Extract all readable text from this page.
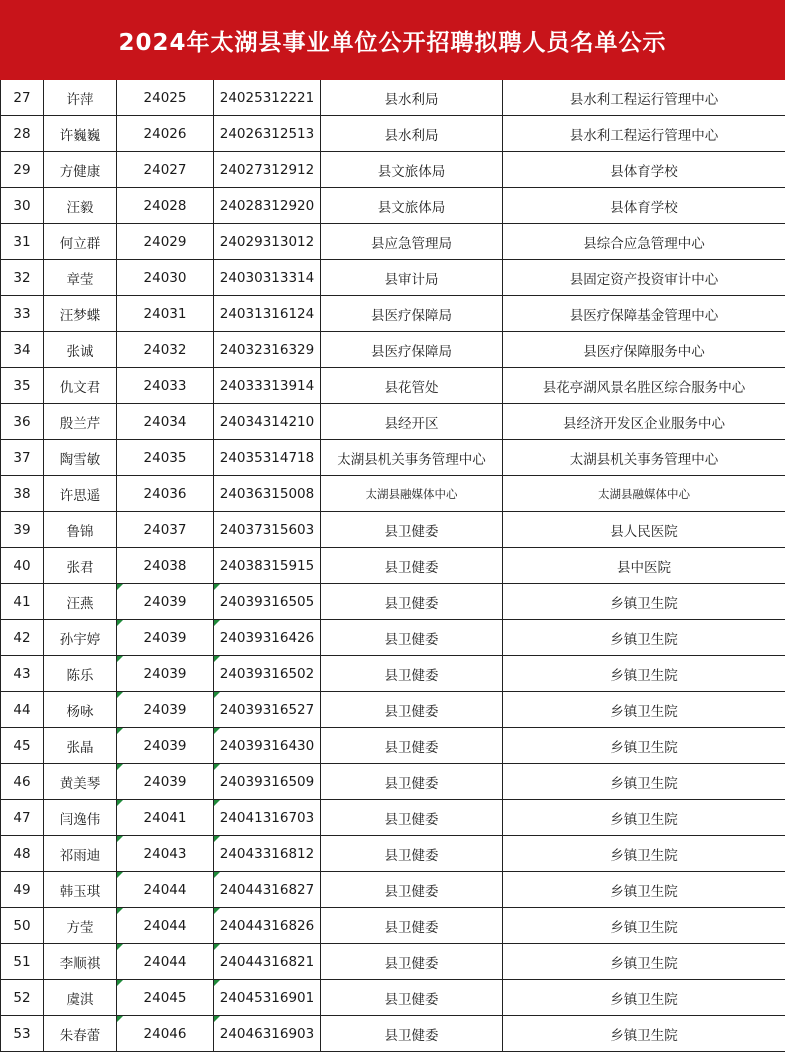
2024年太湖县事业单位公开招聘拟聘人员名单公示
27	许萍	24025	24025312221	县水利局	县水利工程运行管理中心
28	许巍巍	24026	24026312513	县水利局	县水利工程运行管理中心
29	方健康	24027	24027312912	县文旅体局	县体育学校
30	汪毅	24028	24028312920	县文旅体局	县体育学校
31	何立群	24029	24029313012	县应急管理局	县综合应急管理中心
32	章莹	24030	24030313314	县审计局	县固定资产投资审计中心
33	汪梦蝶	24031	24031316124	县医疗保障局	县医疗保障基金管理中心
34	张诚	24032	24032316329	县医疗保障局	县医疗保障服务中心
35	仇文君	24033	24033313914	县花管处	县花亭湖风景名胜区综合服务中心
36	殷兰芹	24034	24034314210	县经开区	县经济开发区企业服务中心
37	陶雪敏	24035	24035314718	太湖县机关事务管理中心	太湖县机关事务管理中心
38	许思遥	24036	24036315008	太湖县融媒体中心	太湖县融媒体中心
39	鲁锦	24037	24037315603	县卫健委	县人民医院
40	张君	24038	24038315915	县卫健委	县中医院
41	汪燕	24039	24039316505	县卫健委	乡镇卫生院
42	孙宇婷	24039	24039316426	县卫健委	乡镇卫生院
43	陈乐	24039	24039316502	县卫健委	乡镇卫生院
44	杨咏	24039	24039316527	县卫健委	乡镇卫生院
45	张晶	24039	24039316430	县卫健委	乡镇卫生院
46	黄美琴	24039	24039316509	县卫健委	乡镇卫生院
47	闫逸伟	24041	24041316703	县卫健委	乡镇卫生院
48	祁雨迪	24043	24043316812	县卫健委	乡镇卫生院
49	韩玉琪	24044	24044316827	县卫健委	乡镇卫生院
50	方莹	24044	24044316826	县卫健委	乡镇卫生院
51	李顺祺	24044	24044316821	县卫健委	乡镇卫生院
52	虞淇	24045	24045316901	县卫健委	乡镇卫生院
53	朱春蕾	24046	24046316903	县卫健委	乡镇卫生院
